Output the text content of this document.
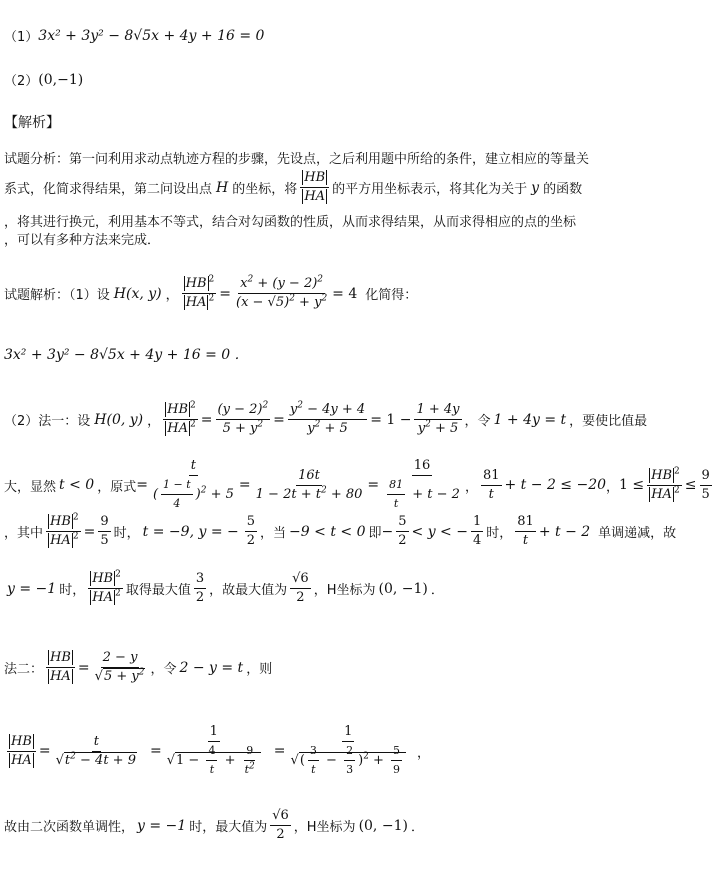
（1） 3x² + 3y² − 8√5x + 4y + 16 = 0
（2） (0,−1)
【解析】
试题分析：第一问利用求动点轨迹方程的步骤，先设点，之后利用题中所给的条件，建立相应的等量关
系式，化简求得结果，第二问设出点 H 的坐标，将 $\frac{HB}{HA}$ 的平方用坐标表示，将其化为关于 y 的函数
，将其进行换元，利用基本不等式，结合对勾函数的性质，从而求得结果，从而求得相应的点的坐标
，可以有多种方法来完成．
试题解析：（1）设 H(x, y) ， $\frac{HB ^2}{HA ^2} = \frac{x^2 + (y - 2)^2}{(x - √5)^2 + y^2} = 4$ 化简得：
3x² + 3y² − 8√5x + 4y + 16 = 0 ．
（2）法一：设 H(0, y) ， $\frac{HB ^2}{HA ^2} = \frac{(y - 2)^2}{5 + y^2} = \frac{y^2 - 4y + 4}{y^2 + 5} = 1 - \frac{1 + 4y}{y^2 + 5}$ ，令 1 + 4y = t ，要使比值最
大，显然 t < 0 ，原式 = $\frac{t}{( \frac{1 - t}{4} )^2 + 5} = \frac{16t}{1 - 2t + t^2 + 80} = \frac{16}{\frac{81}{t} + t - 2}$ ， $\frac{81}{t} + t - 2 \le -20$ ， $1 \le \frac{HB ^2}{HA ^2} \le \frac{9}{5}$
，其中 $\frac{HB ^2}{HA ^2} = \frac{9}{5}$ 时， t = −9, y = − $\frac{5}{2}$ ，当 −9 < t < 0 即 − $\frac{5}{2} < y$ < − $\frac{1}{4}$ 时， $\frac{81}{t} + t - 2$ 单调递减，故
y = −1 时， $\frac{HB ^2}{HA ^2}$ 取得最大值 $\frac{3}{2}$ ，故最大值为 $\frac{√6}{2}$ ，H坐标为 (0, −1) ．
法二： $\frac{HB}{HA} = \frac{2 - y}{√5 + y^2}$ ，令 2 − y = t ，则
$\frac{HB}{HA} = \frac{t}{√t^2 - 4t + 9} = \frac{1}{√1 - \frac{4}{t} + \frac{9}{t^2}} = \frac{1}{√( \frac{3}{t} - \frac{2}{3} )^2 + \frac{5}{9}}$ ，
故由二次函数单调性， y = −1 时，最大值为 $\frac{√6}{2}$ ，H坐标为 (0, −1) ．
